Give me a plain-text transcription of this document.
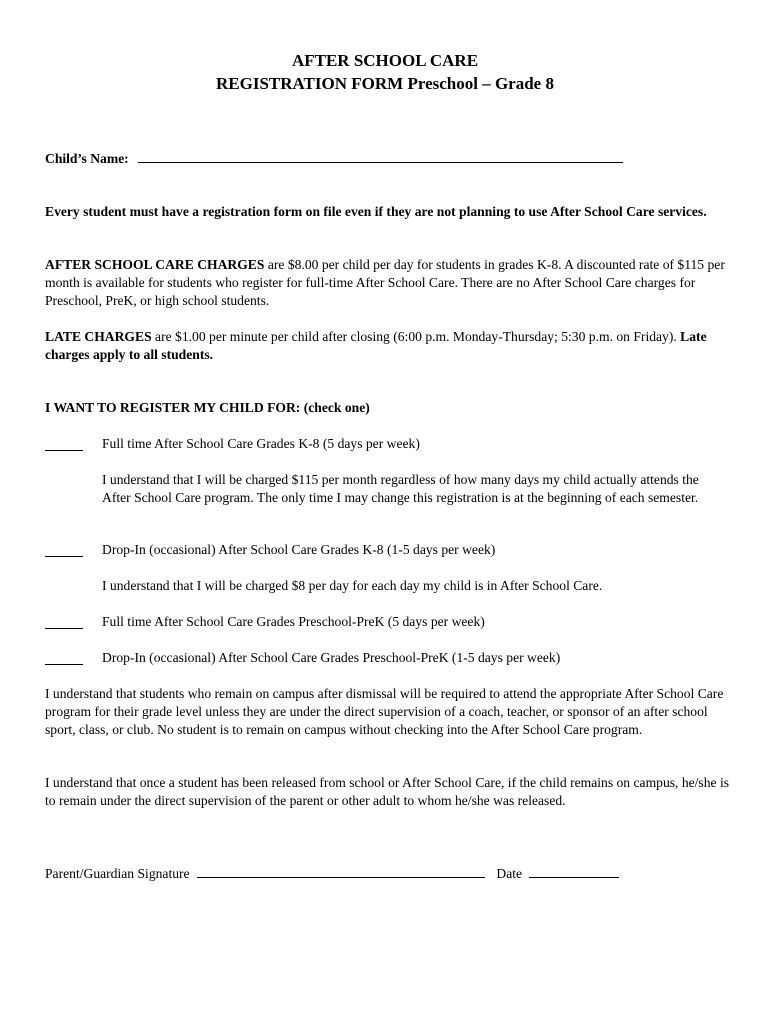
AFTER SCHOOL CARE
REGISTRATION FORM Preschool – Grade 8
Child’s Name:

Every student must have a registration form on file even if they are not planning to use After School Care services.

AFTER SCHOOL CARE CHARGES are $8.00 per child per day for students in grades K-8. A discounted rate of $115 per month is available for students who register for full-time After School Care. There are no After School Care charges for Preschool, PreK, or high school students.

LATE CHARGES are $1.00 per minute per child after closing (6:00 p.m. Monday-Thursday; 5:30 p.m. on Friday). Late charges apply to all students.

I WANT TO REGISTER MY CHILD FOR: (check one)
Full time After School Care Grades K-8 (5 days per week)

I understand that I will be charged $115 per month regardless of how many days my child actually attends the After School Care program. The only time I may change this registration is at the beginning of each semester.

Drop-In (occasional) After School Care Grades K-8 (1-5 days per week)

I understand that I will be charged $8 per day for each day my child is in After School Care.

Full time After School Care Grades Preschool-PreK (5 days per week)
Drop-In (occasional) After School Care Grades Preschool-PreK (1-5 days per week)

I understand that students who remain on campus after dismissal will be required to attend the appropriate After School Care program for their grade level unless they are under the direct supervision of a coach, teacher, or sponsor of an after school sport, class, or club. No student is to remain on campus without checking into the After School Care program.

I understand that once a student has been released from school or After School Care, if the child remains on campus, he/she is to remain under the direct supervision of the parent or other adult to whom he/she was released.

Parent/Guardian Signature	Date
